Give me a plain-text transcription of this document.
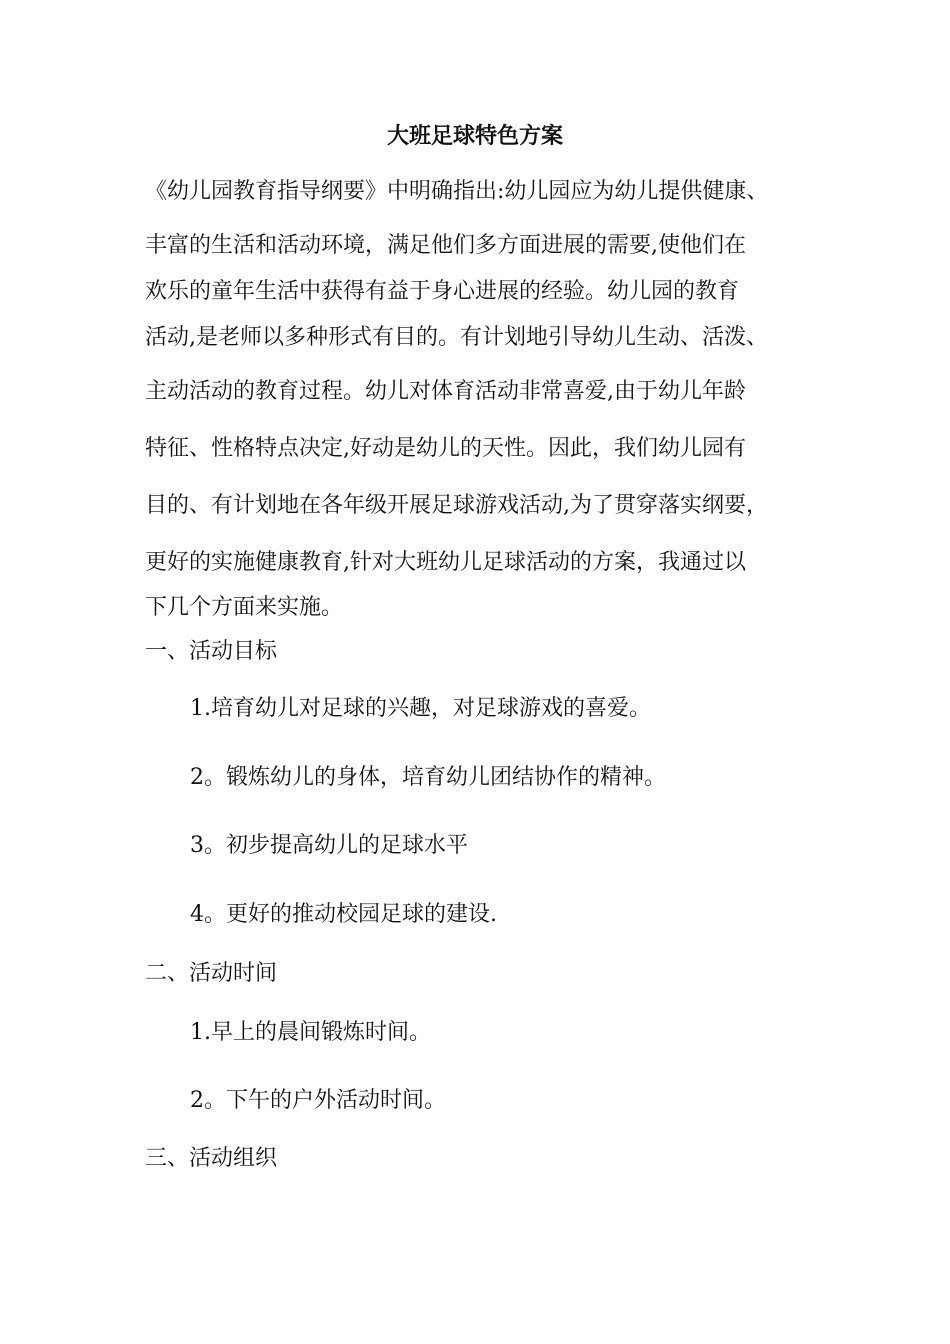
大班足球特色方案

《幼儿园教育指导纲要》中明确指出:幼儿园应为幼儿提供健康、

丰富的生活和活动环境，满足他们多方面进展的需要,使他们在

欢乐的童年生活中获得有益于身心进展的经验。幼儿园的教育

活动,是老师以多种形式有目的。有计划地引导幼儿生动、活泼、

主动活动的教育过程。幼儿对体育活动非常喜爱,由于幼儿年龄

特征、性格特点决定,好动是幼儿的天性。因此，我们幼儿园有

目的、有计划地在各年级开展足球游戏活动,为了贯穿落实纲要，

更好的实施健康教育,针对大班幼儿足球活动的方案，我通过以

下几个方面来实施。

一、活动目标

1.培育幼儿对足球的兴趣，对足球游戏的喜爱。

2。锻炼幼儿的身体，培育幼儿团结协作的精神。

3。初步提高幼儿的足球水平

4。更好的推动校园足球的建设.

二、活动时间

1.早上的晨间锻炼时间。

2。下午的户外活动时间。

三、活动组织
